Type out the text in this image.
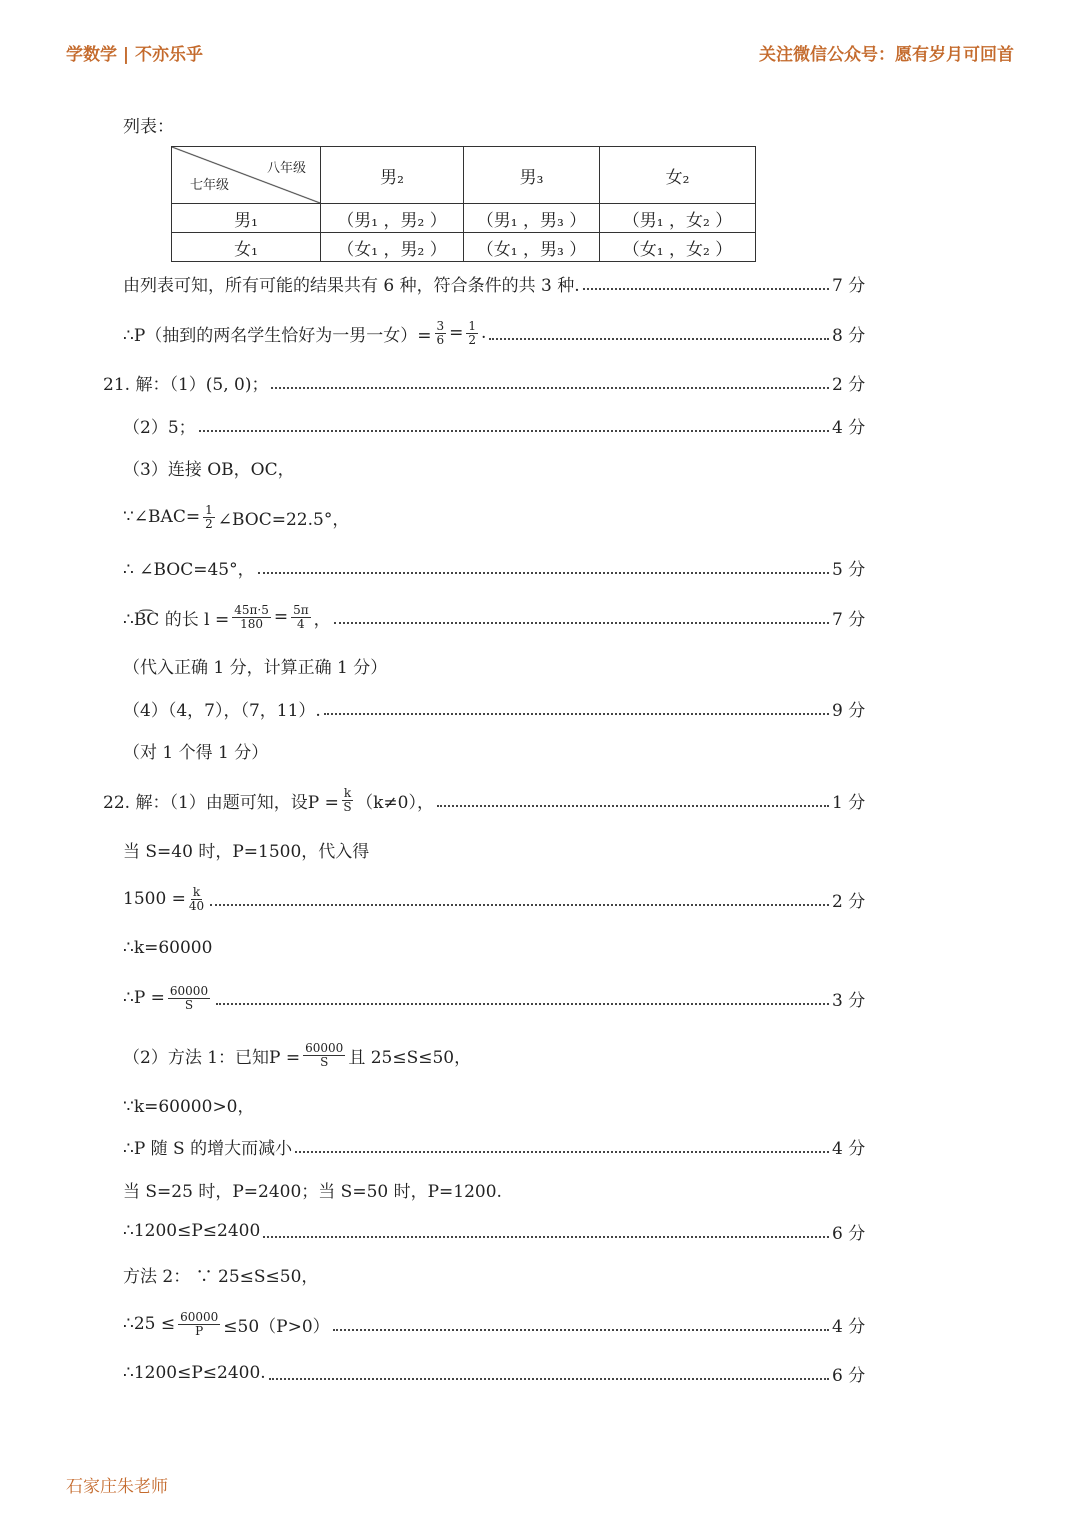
学数学 | 不亦乐乎	关注微信公众号：愿有岁月可回首
列表：
八年级
七年级	男₂	男₃	女₂
男₁	（男₁ ，男₂ ）	（男₁ ，男₃ ）	（男₁ ，女₂ ）
女₁	（女₁ ，男₂ ）	（女₁ ，男₃ ）	（女₁ ，女₂ ）
由列表可知，所有可能的结果共有 6 种，符合条件的共 3 种.	7 分
∴P（抽到的两名学生恰好为一男一女）= $\frac{3}{6} = \frac{1}{2}$ .	8 分
21. 解：（1）(5, 0)；	2 分
（2）5；	4 分
（3）连接 OB，OC，
∵∠BAC= $\frac{1}{2}$ ∠BOC=22.5°，
∴ ∠BOC=45°，	5 分
∴B͡C 的长 $l = \frac{45\pi\cdot 5}{180} = \frac{5\pi}{4}$ ，	7 分
（代入正确 1 分，计算正确 1 分）
（4）（4，7），（7，11）.	9 分
（对 1 个得 1 分）
22. 解：（1）由题可知，设$P = \frac{k}{S} (k\ne 0)$，	1 分
当 S=40 时，P=1500，代入得
$1500 = \frac{k}{40}$	2 分
∴k=60000
∴P = $\frac{60000}{S}$	3 分
（2）方法 1：已知$P = \frac{60000}{S}$ 且 25≤S≤50，
∵k=60000>0，
∴P 随 S 的增大而减小	4 分
当 S=25 时，P=2400；当 S=50 时，P=1200.
∴1200≤P≤2400	6 分
方法 2： ∵ 25≤S≤50，
∴25 ≤ $\frac{60000}{P} \le 50(P>0)$	4 分
∴1200≤P≤2400.	6 分
石家庄朱老师
